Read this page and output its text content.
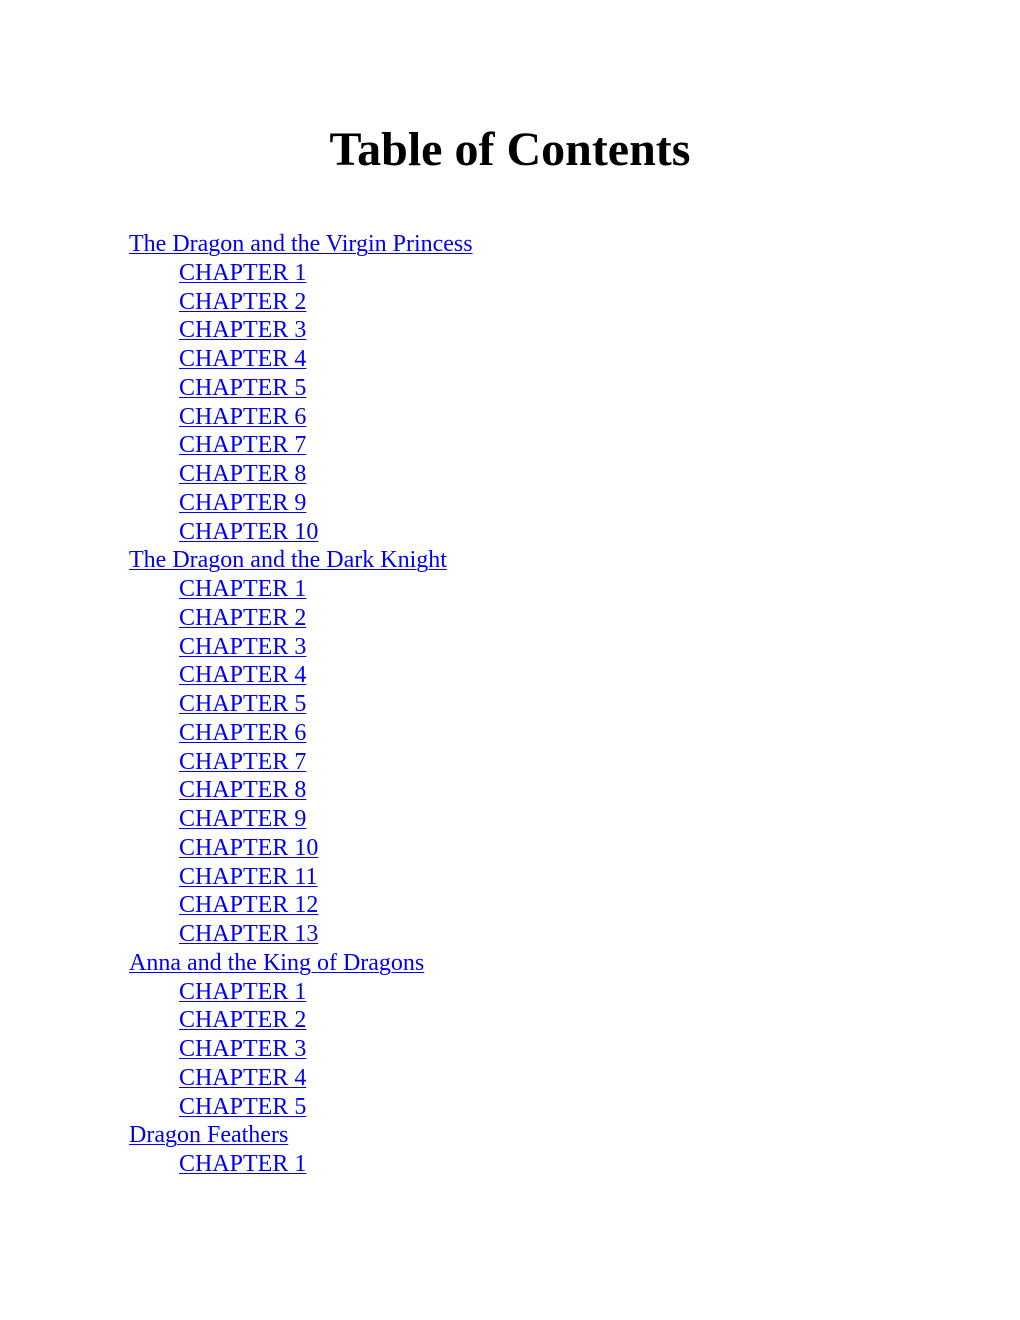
Table of Contents
The Dragon and the Virgin Princess
CHAPTER 1
CHAPTER 2
CHAPTER 3
CHAPTER 4
CHAPTER 5
CHAPTER 6
CHAPTER 7
CHAPTER 8
CHAPTER 9
CHAPTER 10
The Dragon and the Dark Knight
CHAPTER 1
CHAPTER 2
CHAPTER 3
CHAPTER 4
CHAPTER 5
CHAPTER 6
CHAPTER 7
CHAPTER 8
CHAPTER 9
CHAPTER 10
CHAPTER 11
CHAPTER 12
CHAPTER 13
Anna and the King of Dragons
CHAPTER 1
CHAPTER 2
CHAPTER 3
CHAPTER 4
CHAPTER 5
Dragon Feathers
CHAPTER 1
